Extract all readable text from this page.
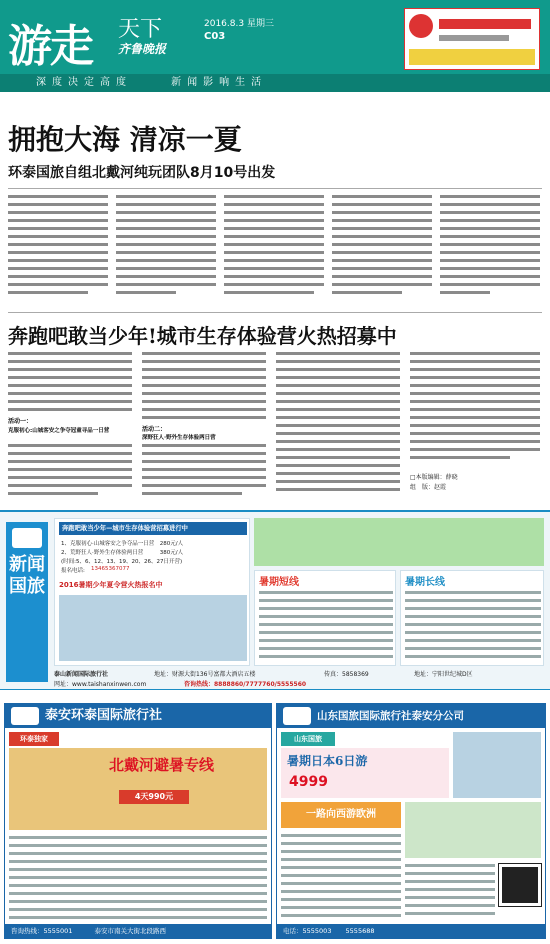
游走 天下
齐鲁晚报
2016.8.3 星期三
C03
深度决定高度 新闻影响生活
拥抱大海 清凉一夏
环泰国旅自组北戴河纯玩团队8月10号出发
奔跑吧敢当少年!城市生存体验营火热招募中
活动一：
克服初心:山城客安之争夺冠童寻品一日营	活动二：
深野狂人·野外生存体验两日营
□本版编辑：薛晓
组　版：赵霞
新闻国旅
奔跑吧敢当少年—城市生存体验营招募进行中
1、克服初心·山城客安之争夺品一日营　280元/人
2、荒野狂人·野外生存体验两日营　　　380元/人
(时间:5、6、12、13、19、20、26、27日开营)
报名电话: 13465367077
2016暑期少年夏令营火热报名中	暑期短线	暑期长线
泰山新闻国际旅行社	地址：财源大街136号富都大酒店五楼	传真：5858369	地址：宁阳世纪城D区
网址：www.taishanxinwen.com	咨询热线：8888860/7777760/5555560
泰安环泰国际旅行社
环泰独家
北戴河避暑专线
4天990元
咨询热线：5555001	泰安市南关大街北段路西
山东国旅国际旅行社泰安分公司
山东国旅
暑期日本6日游
4999
一路向西游欧洲
电话：5555003 5555688
